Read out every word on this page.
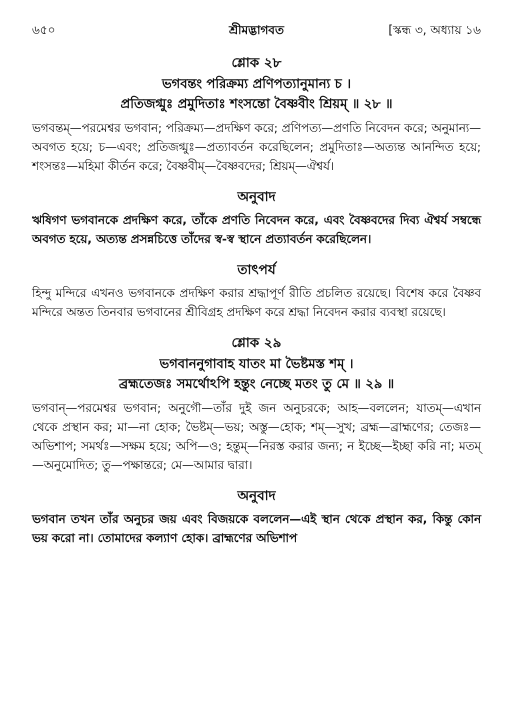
৬৫০	শ্রীমদ্ভাগবত	[স্কন্ধ ৩, অধ্যায় ১৬
শ্লোক ২৮
ভগবন্তং পরিক্রম্য প্রণিপত্যানুমান্য চ ।
প্রতিজগ্মুঃ প্রমুদিতাঃ শংসন্তো বৈষ্ণবীং শ্রিয়ম্ ॥ ২৮ ॥
ভগবন্তম্—পরমেশ্বর ভগবান; পরিক্রম্য—প্রদক্ষিণ করে; প্রণিপত্য—প্রণতি নিবেদন করে; অনুমান্য—অবগত হয়ে; চ—এবং; প্রতিজগ্মুঃ—প্রত্যাবর্তন করেছিলেন; প্রমুদিতাঃ—অত্যন্ত আনন্দিত হয়ে; শংসন্তঃ—মহিমা কীর্তন করে; বৈষ্ণবীম্—বৈষ্ণবদের; শ্রিয়ম্—ঐশ্বর্য।
অনুবাদ
ঋষিগণ ভগবানকে প্রদক্ষিণ করে, তাঁকে প্রণতি নিবেদন করে, এবং বৈষ্ণবদের দিব্য ঐশ্বর্য সম্বন্ধে অবগত হয়ে, অত্যন্ত প্রসন্নচিত্তে তাঁদের স্ব-স্ব স্থানে প্রত্যাবর্তন করেছিলেন।
তাৎপর্য
হিন্দু মন্দিরে এখনও ভগবানকে প্রদক্ষিণ করার শ্রদ্ধাপূর্ণ রীতি প্রচলিত রয়েছে। বিশেষ করে বৈষ্ণব মন্দিরে অন্তত তিনবার ভগবানের শ্রীবিগ্রহ প্রদক্ষিণ করে শ্রদ্ধা নিবেদন করার ব্যবস্থা রয়েছে।
শ্লোক ২৯
ভগবাননুগাবাহ যাতং মা ভৈষ্টমস্ত শম্ ।
ব্রহ্মতেজঃ সমর্থোঽপি হন্তুং নেচ্ছে মতং তু মে ॥ ২৯ ॥
ভগবান্—পরমেশ্বর ভগবান; অনুগৌ—তাঁর দুই জন অনুচরকে; আহ—বললেন; যাতম্—এখান থেকে প্রস্থান কর; মা—না হোক; ভৈষ্টম্—ভয়; অস্তু—হোক; শম্—সুখ; ব্রহ্ম—ব্রাহ্মণের; তেজঃ—অভিশাপ; সমর্থঃ—সক্ষম হয়ে; অপি—ও; হন্তুম্—নিরস্ত করার জন্য; ন ইচ্ছে—ইচ্ছা করি না; মতম্—অনুমোদিত; তু—পক্ষান্তরে; মে—আমার দ্বারা।
অনুবাদ
ভগবান তখন তাঁর অনুচর জয় এবং বিজয়কে বললেন—এই স্থান থেকে প্রস্থান কর, কিন্তু কোন ভয় করো না। তোমাদের কল্যাণ হোক। ব্রাহ্মণের অভিশাপ
